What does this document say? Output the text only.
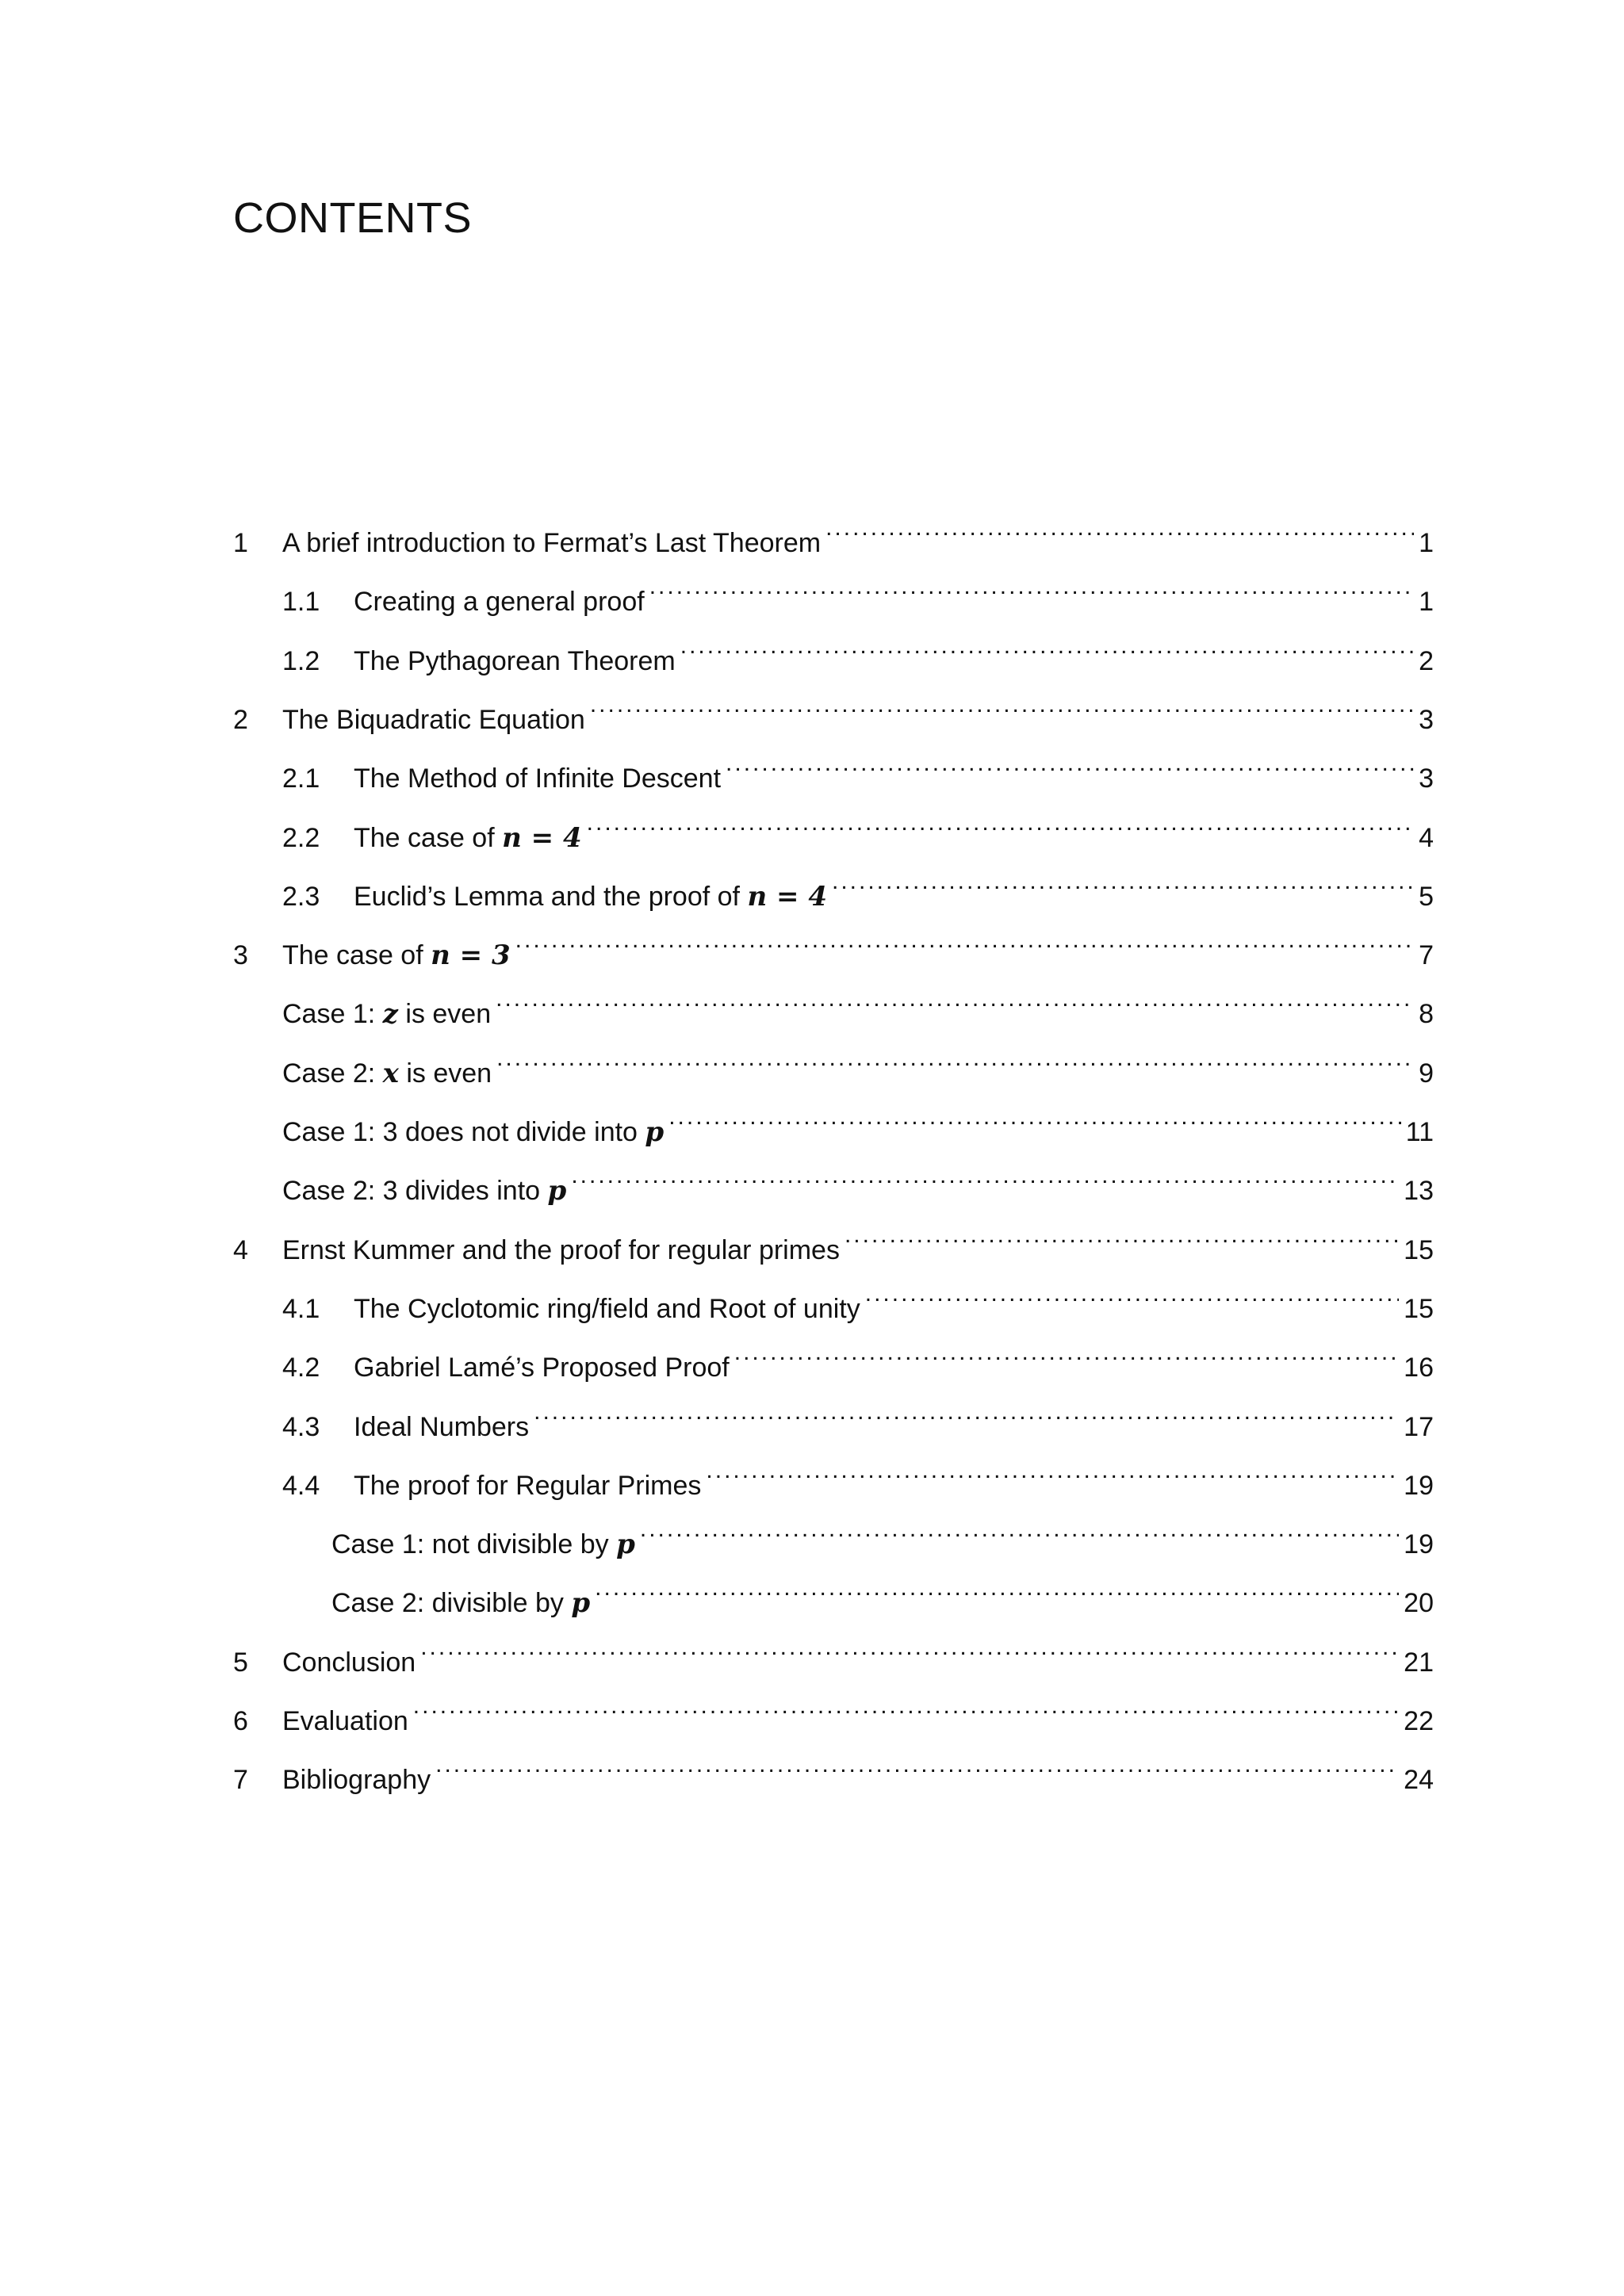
CONTENTS
1	A brief introduction to Fermat’s Last Theorem .....	1
1.1	Creating a general proof .....	1
1.2	The Pythagorean Theorem .....	2
2	The Biquadratic Equation .....	3
2.1	The Method of Infinite Descent .....	3
2.2	The case of n = 4 .....	4
2.3	Euclid’s Lemma and the proof of n = 4 .....	5
3	The case of n = 3 .....	7
Case 1: z is even .....	8
Case 2: x is even .....	9
Case 1: 3 does not divide into p .....	11
Case 2: 3 divides into p .....	13
4	Ernst Kummer and the proof for regular primes .....	15
4.1	The Cyclotomic ring/field and Root of unity .....	15
4.2	Gabriel Lamé’s Proposed Proof .....	16
4.3	Ideal Numbers .....	17
4.4	The proof for Regular Primes .....	19
Case 1: not divisible by p .....	19
Case 2: divisible by p .....	20
5	Conclusion .....	21
6	Evaluation .....	22
7	Bibliography .....	24
